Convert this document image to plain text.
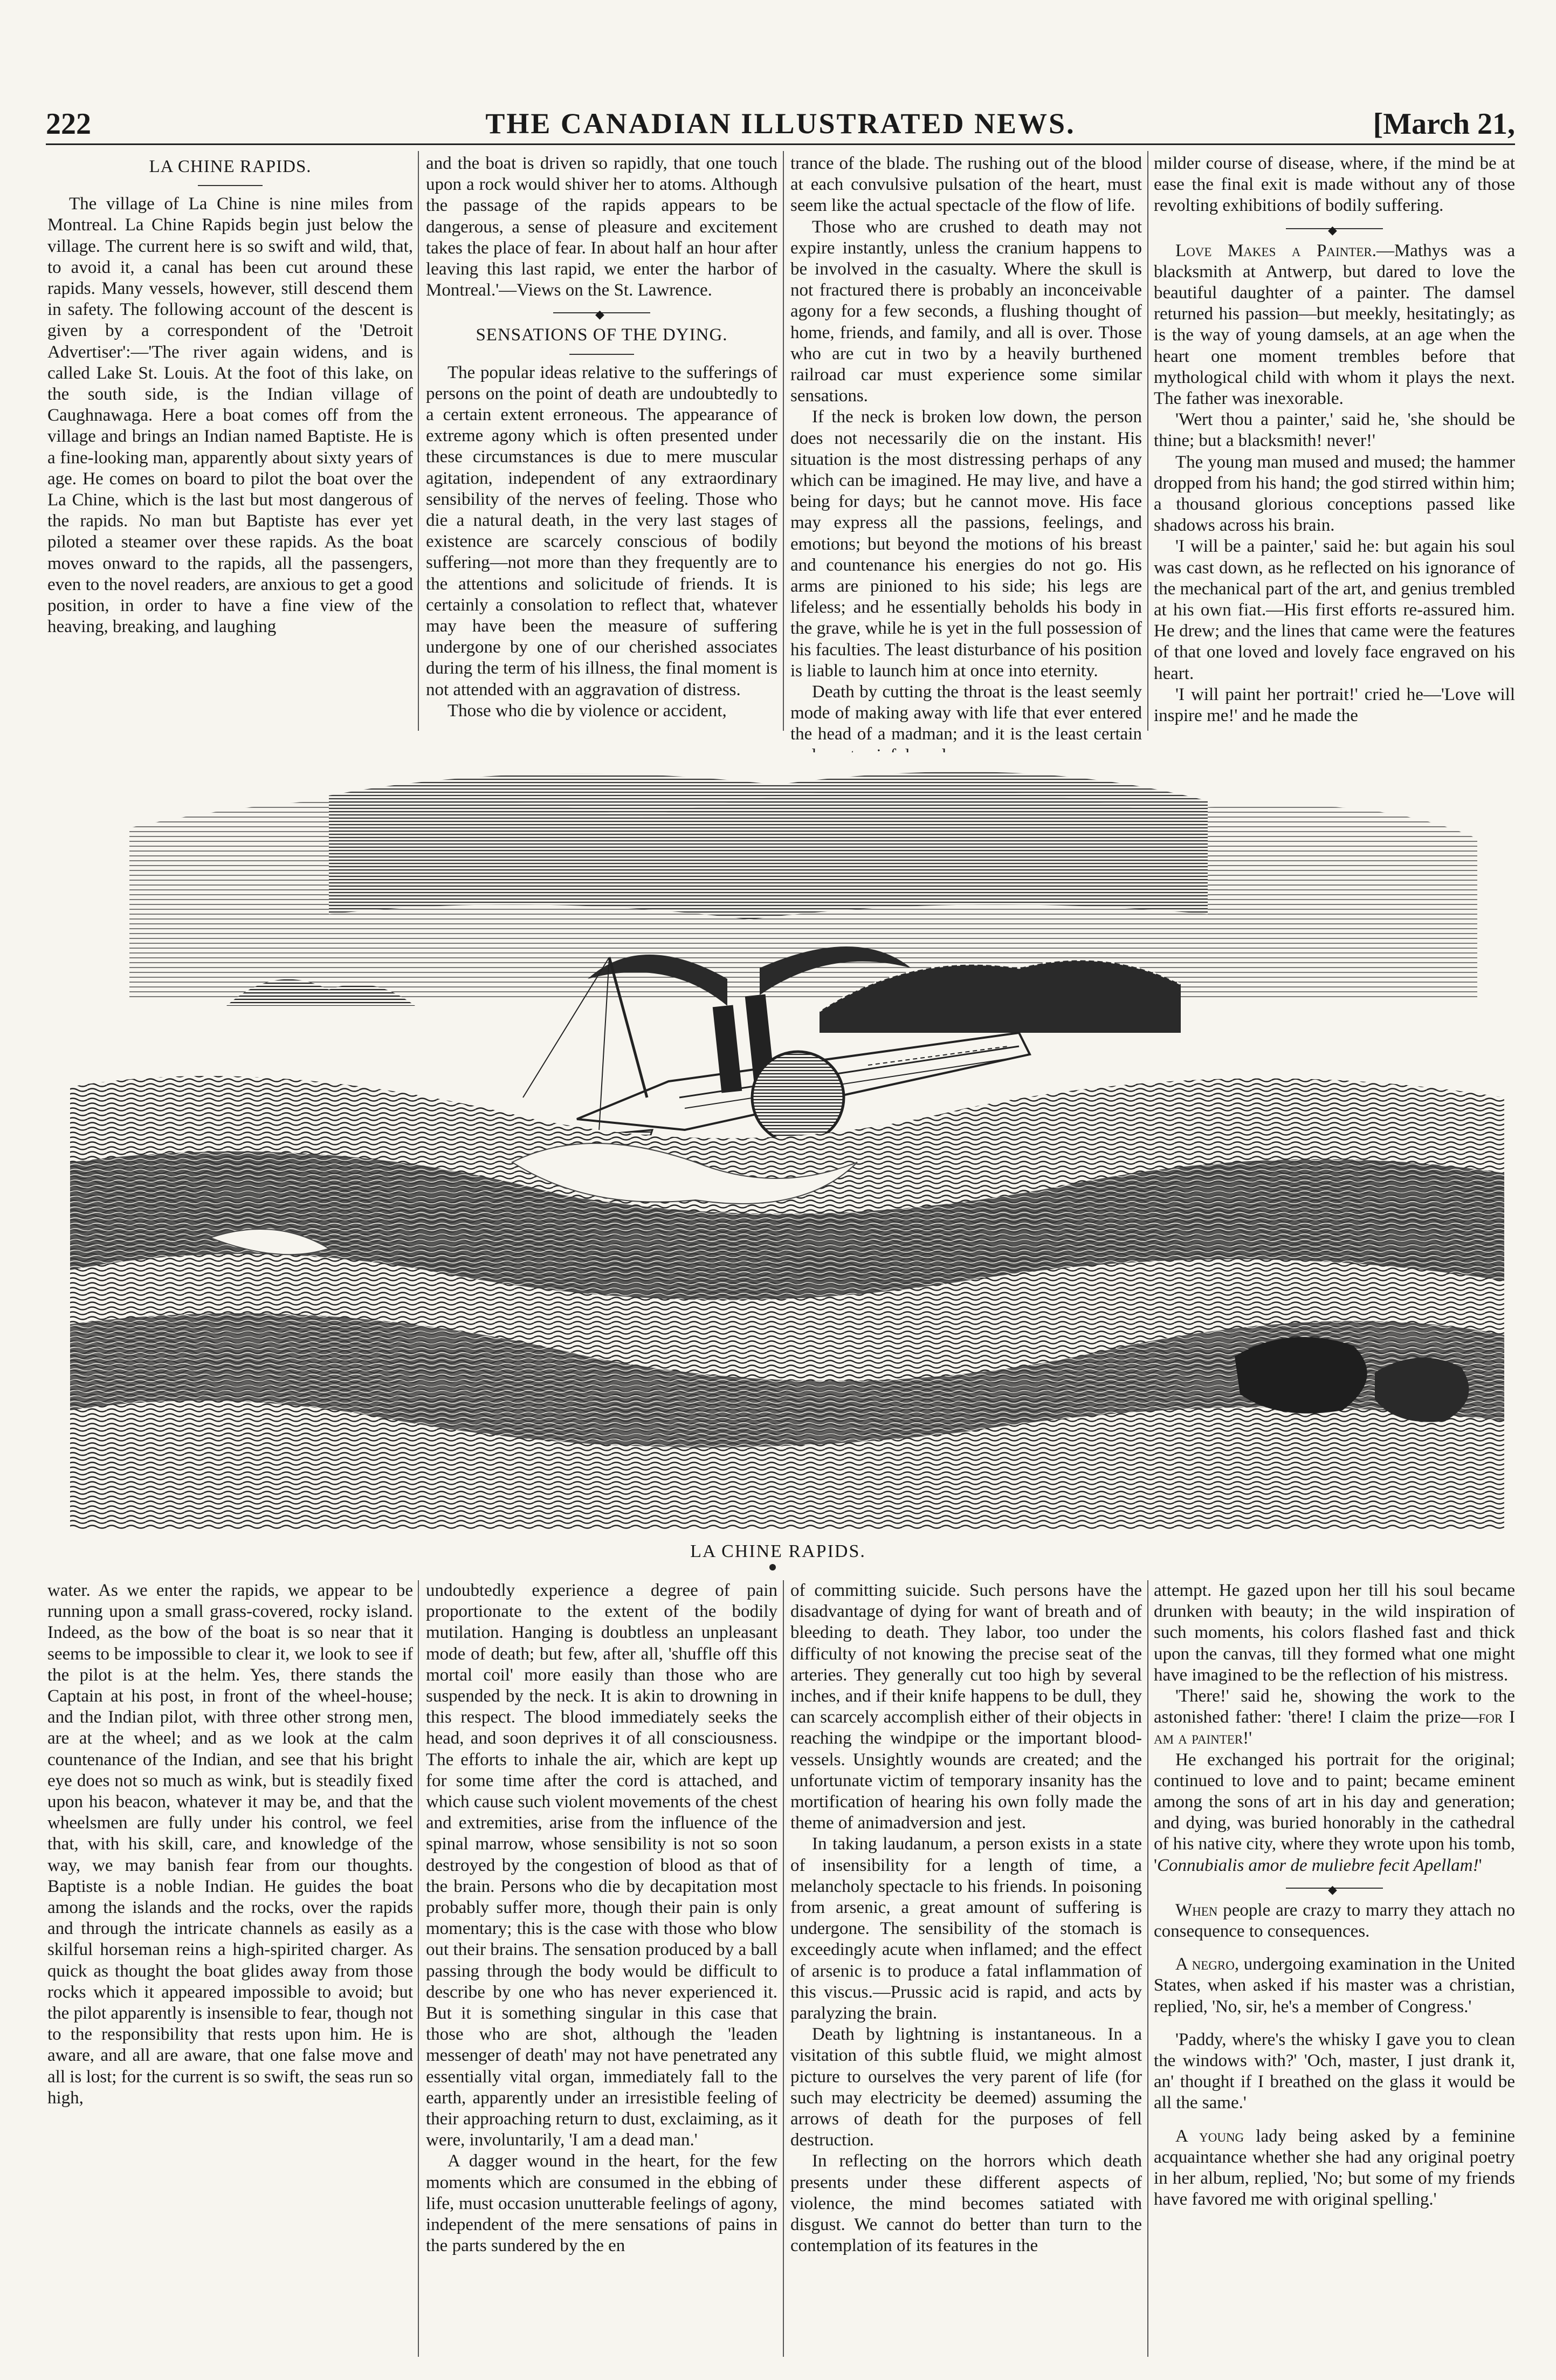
222	THE CANADIAN ILLUSTRATED NEWS.	[March 21,
LA CHINE RAPIDS.

The village of La Chine is nine miles from Montreal. La Chine Rapids begin just below the village. The current here is so swift and wild, that, to avoid it, a canal has been cut around these rapids. Many vessels, however, still descend them in safety. The following account of the descent is given by a correspondent of the 'Detroit Advertiser':—'The river again widens, and is called Lake St. Louis. At the foot of this lake, on the south side, is the Indian village of Caughnawaga. Here a boat comes off from the village and brings an Indian named Baptiste. He is a fine-looking man, apparently about sixty years of age. He comes on board to pilot the boat over the La Chine, which is the last but most dangerous of the rapids. No man but Baptiste has ever yet piloted a steamer over these rapids. As the boat moves onward to the rapids, all the passengers, even to the novel readers, are anxious to get a good position, in order to have a fine view of the heaving, breaking, and laughing

and the boat is driven so rapidly, that one touch upon a rock would shiver her to atoms. Although the passage of the rapids appears to be dangerous, a sense of pleasure and excitement takes the place of fear. In about half an hour after leaving this last rapid, we enter the harbor of Montreal.'—Views on the St. Lawrence.

◆
SENSATIONS OF THE DYING.

The popular ideas relative to the sufferings of persons on the point of death are undoubtedly to a certain extent erroneous. The appearance of extreme agony which is often presented under these circumstances is due to mere muscular agitation, independent of any extraordinary sensibility of the nerves of feeling. Those who die a natural death, in the very last stages of existence are scarcely conscious of bodily suffering—not more than they frequently are to the attentions and solicitude of friends. It is certainly a consolation to reflect that, whatever may have been the measure of suffering undergone by one of our cherished associates during the term of his illness, the final moment is not attended with an aggravation of distress.

Those who die by violence or accident,

trance of the blade. The rushing out of the blood at each convulsive pulsation of the heart, must seem like the actual spectacle of the flow of life.

Those who are crushed to death may not expire instantly, unless the cranium happens to be involved in the casualty. Where the skull is not fractured there is probably an inconceivable agony for a few seconds, a flushing thought of home, friends, and family, and all is over. Those who are cut in two by a heavily burthened railroad car must experience some similar sensations.

If the neck is broken low down, the person does not necessarily die on the instant. His situation is the most distressing perhaps of any which can be imagined. He may live, and have a being for days; but he cannot move. His face may express all the passions, feelings, and emotions; but beyond the motions of his breast and countenance his energies do not go. His arms are pinioned to his side; his legs are lifeless; and he essentially beholds his body in the grave, while he is yet in the full possession of his faculties. The least disturbance of his position is liable to launch him at once into eternity.

Death by cutting the throat is the least seemly mode of making away with life that ever entered the head of a madman; and it is the least certain

milder course of disease, where, if the mind be at ease the final exit is made without any of those revolting exhibitions of bodily suffering.

◆

Love Makes a Painter.—Mathys was a blacksmith at Antwerp, but dared to love the beautiful daughter of a painter. The damsel returned his passion—but meekly, hesitatingly; as is the way of young damsels, at an age when the heart one moment trembles before that mythological child with whom it plays the next. The father was inexorable.

'Wert thou a painter,' said he, 'she should be thine; but a blacksmith! never!'

The young man mused and mused; the hammer dropped from his hand; the god stirred within him; a thousand glorious conceptions passed like shadows across his brain.

'I will be a painter,' said he: but again his soul was cast down, as he reflected on his ignorance of the mechanical part of the art, and genius trembled at his own fiat.—His first efforts re-assured him. He drew; and the lines that came were the features of that one loved and lovely face engraved on his heart.

'I will paint her portrait!' cried he—'Love will inspire me!' and he made the

LA CHINE RAPIDS.

water. As we enter the rapids, we appear to be running upon a small grass-covered, rocky island. Indeed, as the bow of the boat is so near that it seems to be impossible to clear it, we look to see if the pilot is at the helm. Yes, there stands the Captain at his post, in front of the wheel-house; and the Indian pilot, with three other strong men, are at the wheel; and as we look at the calm countenance of the Indian, and see that his bright eye does not so much as wink, but is steadily fixed upon his beacon, whatever it may be, and that the wheelsmen are fully under his control, we feel that, with his skill, care, and knowledge of the way, we may banish fear from our thoughts. Baptiste is a noble Indian. He guides the boat among the islands and the rocks, over the rapids and through the intricate channels as easily as a skilful horseman reins a high-spirited charger. As quick as thought the boat glides away from those rocks which it appeared impossible to avoid; but the pilot apparently is insensible to fear, though not to the responsibility that rests upon him. He is aware, and all are aware, that one false move and all is lost; for the current is so swift, the seas run so high,

undoubtedly experience a degree of pain proportionate to the extent of the bodily mutilation. Hanging is doubtless an unpleasant mode of death; but few, after all, 'shuffle off this mortal coil' more easily than those who are suspended by the neck. It is akin to drowning in this respect. The blood immediately seeks the head, and soon deprives it of all consciousness. The efforts to inhale the air, which are kept up for some time after the cord is attached, and which cause such violent movements of the chest and extremities, arise from the influence of the spinal marrow, whose sensibility is not so soon destroyed by the congestion of blood as that of the brain. Persons who die by decapitation most probably suffer more, though their pain is only momentary; this is the case with those who blow out their brains. The sensation produced by a ball passing through the body would be difficult to describe by one who has never experienced it. But it is something singular in this case that those who are shot, although the 'leaden messenger of death' may not have penetrated any essentially vital organ, immediately fall to the earth, apparently under an irresistible feeling of their approaching return to dust, exclaiming, as it were, involuntarily, 'I am a dead man.'

A dagger wound in the heart, for the few moments which are consumed in the ebbing of life, must occasion unutterable feelings of agony, independent of the mere sensations of pains in the parts sundered by the en

of committing suicide. Such persons have the disadvantage of dying for want of breath and of bleeding to death. They labor, too under the difficulty of not knowing the precise seat of the arteries. They generally cut too high by several inches, and if their knife happens to be dull, they can scarcely accomplish either of their objects in reaching the windpipe or the important blood-vessels. Unsightly wounds are created; and the unfortunate victim of temporary insanity has the mortification of hearing his own folly made the theme of animadversion and jest.

In taking laudanum, a person exists in a state of insensibility for a length of time, a melancholy spectacle to his friends. In poisoning from arsenic, a great amount of suffering is undergone. The sensibility of the stomach is exceedingly acute when inflamed; and the effect of arsenic is to produce a fatal inflammation of this viscus.—Prussic acid is rapid, and acts by paralyzing the brain.

Death by lightning is instantaneous. In a visitation of this subtle fluid, we might almost picture to ourselves the very parent of life (for such may electricity be deemed) assuming the arrows of death for the purposes of fell destruction.

In reflecting on the horrors which death presents under these different aspects of violence, the mind becomes satiated with disgust. We cannot do better than turn to the contemplation of its features in the

attempt. He gazed upon her till his soul became drunken with beauty; in the wild inspiration of such moments, his colors flashed fast and thick upon the canvas, till they formed what one might have imagined to be the reflection of his mistress.

'There!' said he, showing the work to the astonished father: 'there! I claim the prize—for I am a painter!'

He exchanged his portrait for the original; continued to love and to paint; became eminent among the sons of art in his day and generation; and dying, was buried honorably in the cathedral of his native city, where they wrote upon his tomb, 'Connubialis amor de muliebre fecit Apellam!'

◆

When people are crazy to marry they attach no consequence to consequences.

A negro, undergoing examination in the United States, when asked if his master was a christian, replied, 'No, sir, he's a member of Congress.'

'Paddy, where's the whisky I gave you to clean the windows with?' 'Och, master, I just drank it, an' thought if I breathed on the glass it would be all the same.'

A young lady being asked by a feminine acquaintance whether she had any original poetry in her album, replied, 'No; but some of my friends have favored me with original spelling.'
